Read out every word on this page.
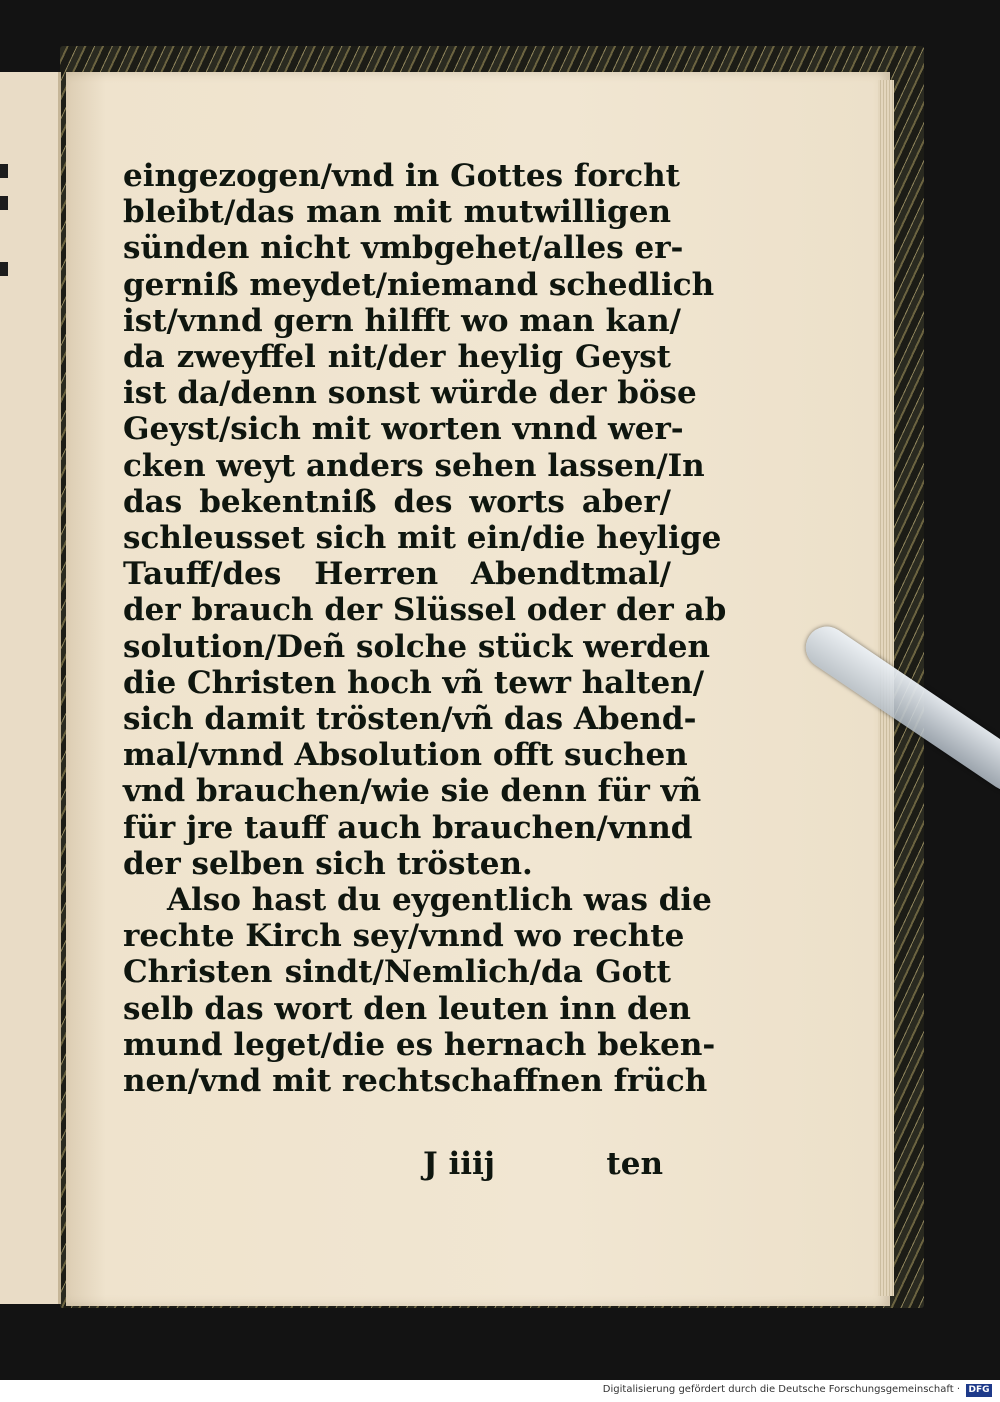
eingezogen/vnd in Gottes forcht
bleibt/das man mit mutwilligen
sünden nicht vmbgehet/alles er-
gerniß meydet/niemand schedlich
ist/vnnd gern hilfft wo man kan/
da zweyffel nit/der heylig Geyst
ist da/denn sonst würde der böse
Geyst/sich mit worten vnnd wer-
cken weyt anders sehen lassen/In
das bekentniß des worts aber/
schleusset sich mit ein/die heylige
Tauff/des Herren Abendtmal/
der brauch der Slüssel oder der ab
solution/Deñ solche stück werden
die Christen hoch vñ tewr halten/
sich damit trösten/vñ das Abend-
mal/vnnd Absolution offt suchen
vnd brauchen/wie sie denn für vñ
für jre tauff auch brauchen/vnnd
der selben sich trösten.
Also hast du eygentlich was die
rechte Kirch sey/vnnd wo rechte
Christen sindt/Nemlich/da Gott
selb das wort den leuten inn den
mund leget/die es hernach beken-
nen/vnd mit rechtschaffnen früch
J iiij	ten
Digitalisierung gefördert durch die Deutsche Forschungsgemeinschaft · DFG
